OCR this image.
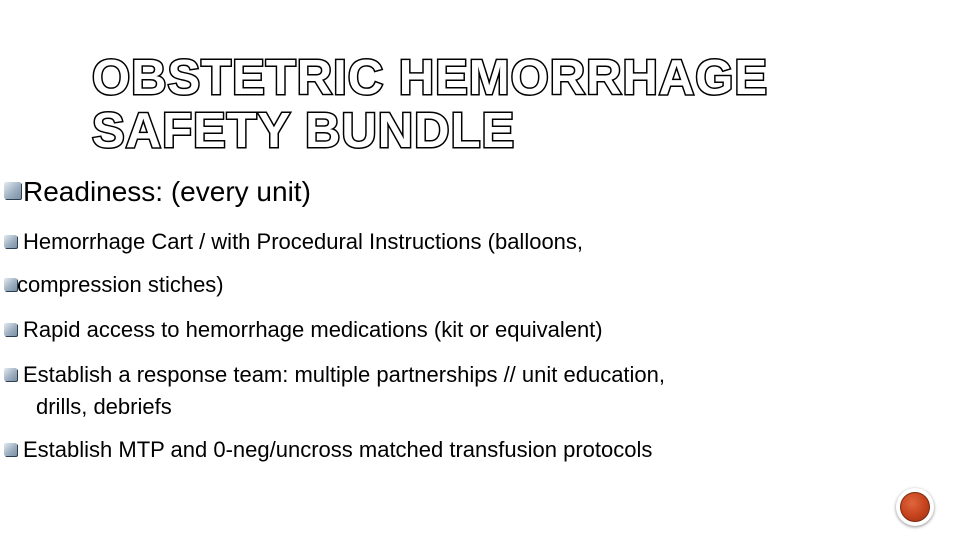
OBSTETRIC HEMORRHAGE
SAFETY BUNDLE
Readiness: (every unit)
Hemorrhage Cart / with Procedural Instructions (balloons,
compression stiches)
Rapid access to hemorrhage medications (kit or equivalent)
Establish a response team: multiple partnerships // unit education,
drills, debriefs
Establish MTP and 0-neg/uncross matched transfusion protocols
